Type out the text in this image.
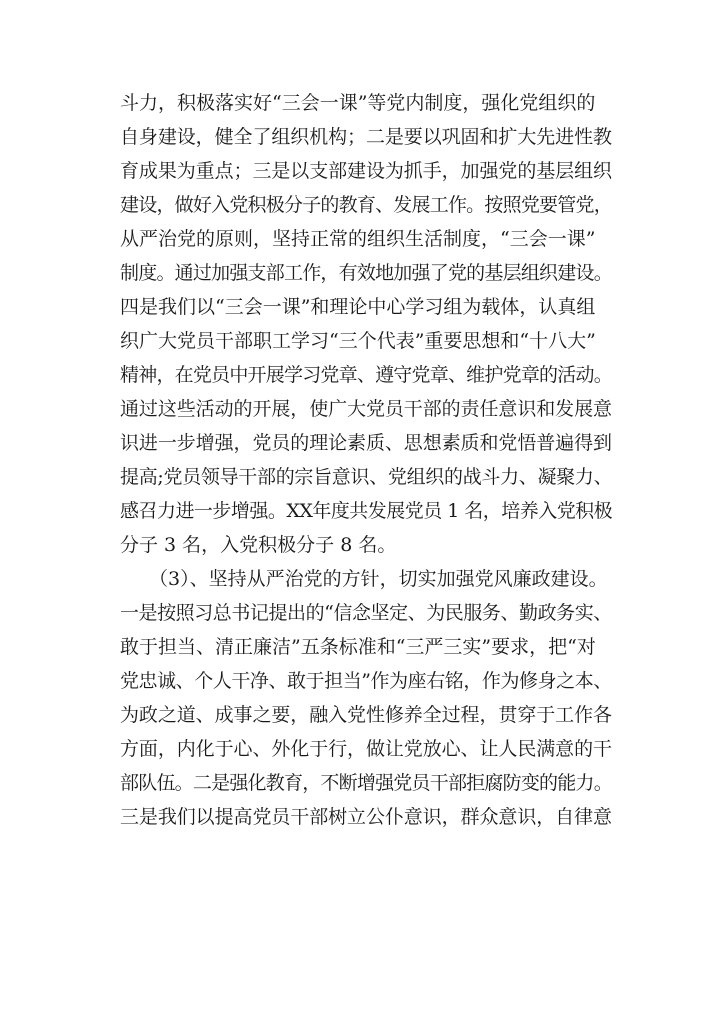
斗力，积极落实好“三会一课”等党内制度，强化党组织的
自身建设，健全了组织机构；二是要以巩固和扩大先进性教
育成果为重点；三是以支部建设为抓手，加强党的基层组织
建设，做好入党积极分子的教育、发展工作。按照党要管党，
从严治党的原则，坚持正常的组织生活制度，“三会一课”
制度。通过加强支部工作，有效地加强了党的基层组织建设。
四是我们以“三会一课”和理论中心学习组为载体，认真组
织广大党员干部职工学习“三个代表”重要思想和“十八大”
精神，在党员中开展学习党章、遵守党章、维护党章的活动。
通过这些活动的开展，使广大党员干部的责任意识和发展意
识进一步增强，党员的理论素质、思想素质和党悟普遍得到
提高;党员领导干部的宗旨意识、党组织的战斗力、凝聚力、
感召力进一步增强。XX年度共发展党员 1 名，培养入党积极
分子 3 名，入党积极分子 8 名。
（3）、坚持从严治党的方针，切实加强党风廉政建设。
一是按照习总书记提出的“信念坚定、为民服务、勤政务实、
敢于担当、清正廉洁”五条标准和“三严三实”要求，把“对
党忠诚、个人干净、敢于担当”作为座右铭，作为修身之本、
为政之道、成事之要，融入党性修养全过程，贯穿于工作各
方面，内化于心、外化于行，做让党放心、让人民满意的干
部队伍。二是强化教育，不断增强党员干部拒腐防变的能力。
三是我们以提高党员干部树立公仆意识，群众意识，自律意
